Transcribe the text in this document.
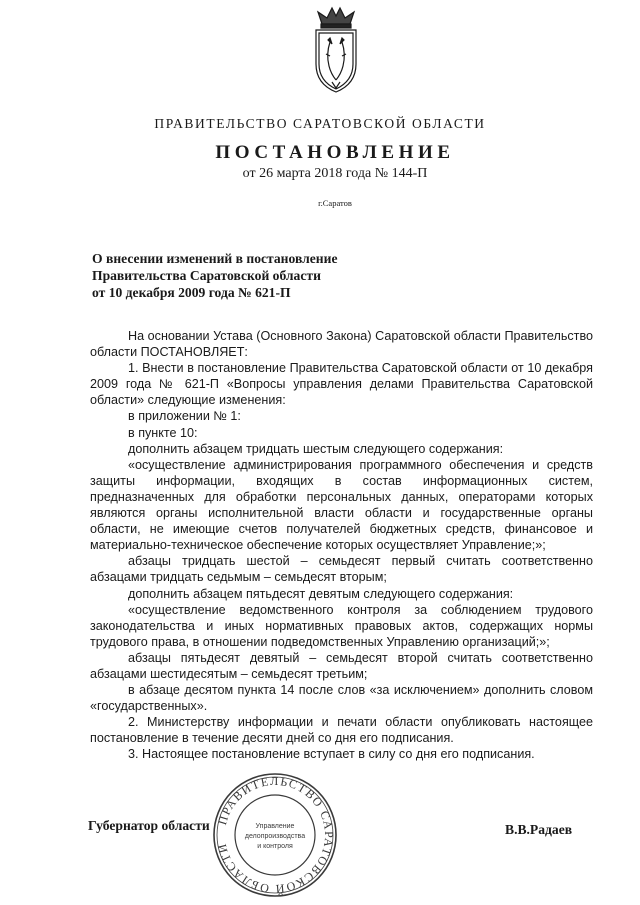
ПРАВИТЕЛЬСТВО САРАТОВСКОЙ ОБЛАСТИ
ПОСТАНОВЛЕНИЕ
от 26 марта 2018 года № 144-П
г.Саратов
О внесении изменений в постановление
Правительства Саратовской области
от 10 декабря 2009 года № 621-П

На основании Устава (Основного Закона) Саратовской области Правительство области ПОСТАНОВЛЯЕТ:

1. Внести в постановление Правительства Саратовской области от 10 декабря 2009 года № 621-П «Вопросы управления делами Правительства Саратовской области» следующие изменения:

в приложении № 1:

в пункте 10:

дополнить абзацем тридцать шестым следующего содержания:

«осуществление администрирования программного обеспечения и средств защиты информации, входящих в состав информационных систем, предназначенных для обработки персональных данных, операторами которых являются органы исполнительной власти области и государственные органы области, не имеющие счетов получателей бюджетных средств, финансовое и материально-техническое обеспечение которых осуществляет Управление;»;

абзацы тридцать шестой – семьдесят первый считать соответственно абзацами тридцать седьмым – семьдесят вторым;

дополнить абзацем пятьдесят девятым следующего содержания:

«осуществление ведомственного контроля за соблюдением трудового законодательства и иных нормативных правовых актов, содержащих нормы трудового права, в отношении подведомственных Управлению организаций;»;

абзацы пятьдесят девятый – семьдесят второй считать соответственно абзацами шестидесятым – семьдесят третьим;

в абзаце десятом пункта 14 после слов «за исключением» дополнить словом «государственных».

2. Министерству информации и печати области опубликовать настоящее постановление в течение десяти дней со дня его подписания.

3. Настоящее постановление вступает в силу со дня его подписания.

Губернатор области	В.В.Радаев
ПРАВИТЕЛЬСТВО САРАТОВСКОЙ ОБЛАСТИ
Управление
делопроизводства
и контроля
